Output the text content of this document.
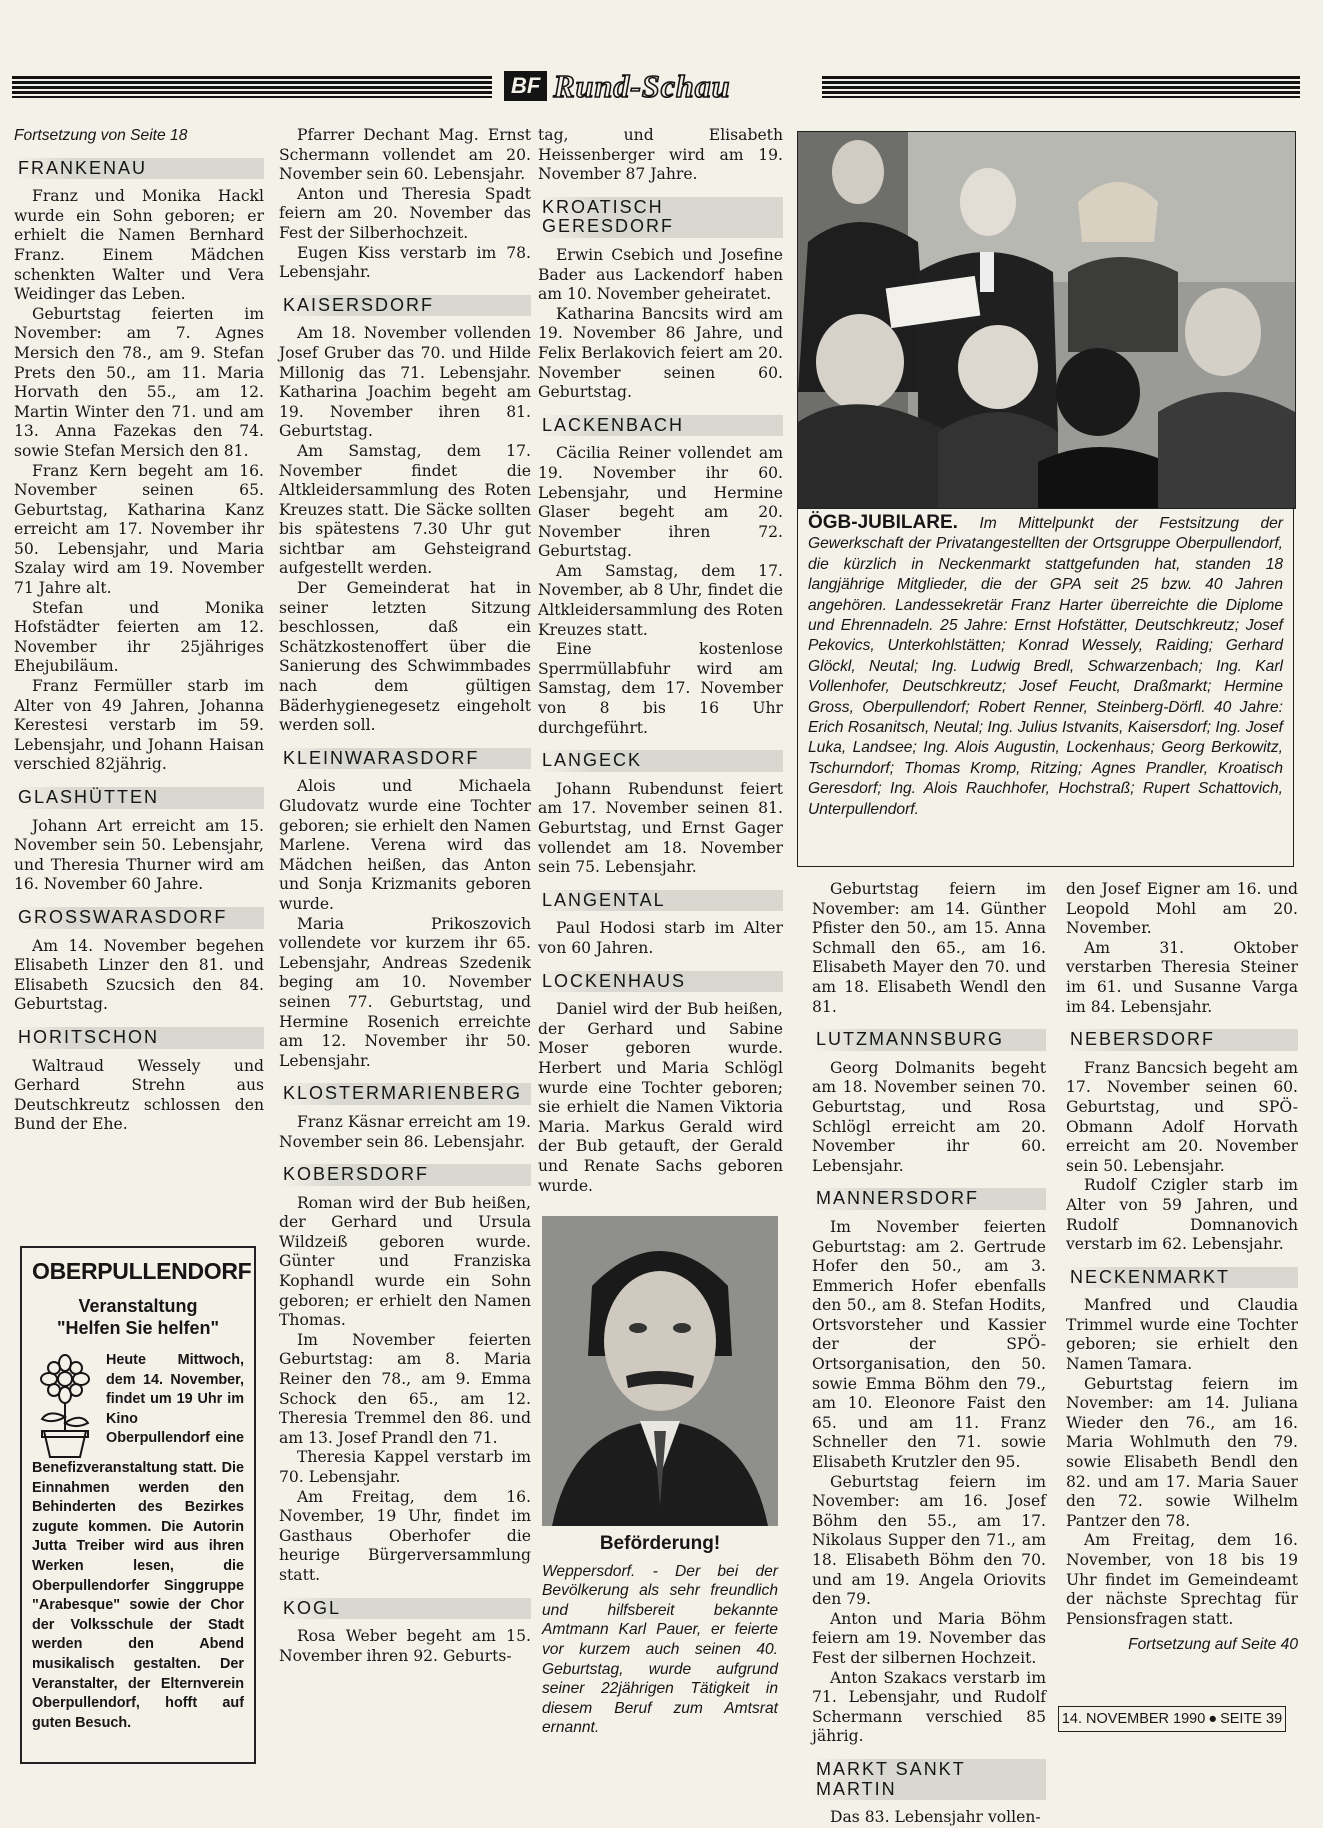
BF Rund-Schau
Fortsetzung von Seite 18
FRANKENAU

Franz und Monika Hackl wurde ein Sohn geboren; er erhielt die Namen Bernhard Franz. Einem Mädchen schenkten Walter und Vera Weidinger das Leben.

Geburtstag feierten im November: am 7. Agnes Mersich den 78., am 9. Stefan Prets den 50., am 11. Maria Horvath den 55., am 12. Martin Winter den 71. und am 13. Anna Fazekas den 74. sowie Stefan Mersich den 81.

Franz Kern begeht am 16. November seinen 65. Geburtstag, Katharina Kanz erreicht am 17. November ihr 50. Lebensjahr, und Maria Szalay wird am 19. November 71 Jahre alt.

Stefan und Monika Hofstädter feierten am 12. November ihr 25jähriges Ehejubiläum.

Franz Fermüller starb im Alter von 49 Jahren, Johanna Kerestesi verstarb im 59. Lebensjahr, und Johann Haisan verschied 82jährig.

GLASHÜTTEN

Johann Art erreicht am 15. November sein 50. Lebensjahr, und Theresia Thurner wird am 16. November 60 Jahre.

GROSSWARASDORF

Am 14. November begehen Elisabeth Linzer den 81. und Elisabeth Szucsich den 84. Geburtstag.

HORITSCHON

Waltraud Wessely und Gerhard Strehn aus Deutschkreutz schlossen den Bund der Ehe.

OBERPULLENDORF
Veranstaltung
"Helfen Sie helfen"
Heute Mittwoch, dem 14. November, findet um 19 Uhr im Kino Oberpullendorf eine Benefizveranstaltung statt. Die Einnahmen werden den Behinderten des Bezirkes zugute kommen. Die Autorin Jutta Treiber wird aus ihren Werken lesen, die Oberpullendorfer Singgruppe "Arabesque" sowie der Chor der Volksschule der Stadt werden den Abend musikalisch gestalten. Der Veranstalter, der Elternverein Oberpullendorf, hofft auf guten Besuch.

Pfarrer Dechant Mag. Ernst Schermann vollendet am 20. November sein 60. Lebensjahr.

Anton und Theresia Spadt feiern am 20. November das Fest der Silberhochzeit.

Eugen Kiss verstarb im 78. Lebensjahr.

KAISERSDORF

Am 18. November vollenden Josef Gruber das 70. und Hilde Millonig das 71. Lebensjahr. Katharina Joachim begeht am 19. November ihren 81. Geburtstag.

Am Samstag, dem 17. November findet die Altkleidersammlung des Roten Kreuzes statt. Die Säcke sollten bis spätestens 7.30 Uhr gut sichtbar am Gehsteigrand aufgestellt werden.

Der Gemeinderat hat in seiner letzten Sitzung beschlossen, daß ein Schätzkostenoffert über die Sanierung des Schwimmbades nach dem gültigen Bäderhygienegesetz eingeholt werden soll.

KLEINWARASDORF

Alois und Michaela Gludovatz wurde eine Tochter geboren; sie erhielt den Namen Marlene. Verena wird das Mädchen heißen, das Anton und Sonja Krizmanits geboren wurde.

Maria Prikoszovich vollendete vor kurzem ihr 65. Lebensjahr, Andreas Szedenik beging am 10. November seinen 77. Geburtstag, und Hermine Rosenich erreichte am 12. November ihr 50. Lebensjahr.

KLOSTERMARIENBERG

Franz Käsnar erreicht am 19. November sein 86. Lebensjahr.

KOBERSDORF

Roman wird der Bub heißen, der Gerhard und Ursula Wildzeiß geboren wurde. Günter und Franziska Kophandl wurde ein Sohn geboren; er erhielt den Namen Thomas.

Im November feierten Geburtstag: am 8. Maria Reiner den 78., am 9. Emma Schock den 65., am 12. Theresia Tremmel den 86. und am 13. Josef Prandl den 71.

Theresia Kappel verstarb im 70. Lebensjahr.

Am Freitag, dem 16. November, 19 Uhr, findet im Gasthaus Oberhofer die heurige Bürgerversammlung statt.

KOGL

Rosa Weber begeht am 15. November ihren 92. Geburts-

tag, und Elisabeth Heissenberger wird am 19. November 87 Jahre.

KROATISCH GERESDORF

Erwin Csebich und Josefine Bader aus Lackendorf haben am 10. November geheiratet.

Katharina Bancsits wird am 19. November 86 Jahre, und Felix Berlakovich feiert am 20. November seinen 60. Geburtstag.

LACKENBACH

Cäcilia Reiner vollendet am 19. November ihr 60. Lebensjahr, und Hermine Glaser begeht am 20. November ihren 72. Geburtstag.

Am Samstag, dem 17. November, ab 8 Uhr, findet die Altkleidersammlung des Roten Kreuzes statt.

Eine kostenlose Sperrmüllabfuhr wird am Samstag, dem 17. November von 8 bis 16 Uhr durchgeführt.

LANGECK

Johann Rubendunst feiert am 17. November seinen 81. Geburtstag, und Ernst Gager vollendet am 18. November sein 75. Lebensjahr.

LANGENTAL

Paul Hodosi starb im Alter von 60 Jahren.

LOCKENHAUS

Daniel wird der Bub heißen, der Gerhard und Sabine Moser geboren wurde. Herbert und Maria Schlögl wurde eine Tochter geboren; sie erhielt die Namen Viktoria Maria. Markus Gerald wird der Bub getauft, der Gerald und Renate Sachs geboren wurde.

ÖGB-JUBILARE. Im Mittelpunkt der Festsitzung der Gewerkschaft der Privatangestellten der Ortsgruppe Oberpullendorf, die kürzlich in Neckenmarkt stattgefunden hat, standen 18 langjährige Mitglieder, die der GPA seit 25 bzw. 40 Jahren angehören. Landessekretär Franz Harter überreichte die Diplome und Ehrennadeln. 25 Jahre: Ernst Hofstätter, Deutschkreutz; Josef Pekovics, Unterkohlstätten; Konrad Wessely, Raiding; Gerhard Glöckl, Neutal; Ing. Ludwig Bredl, Schwarzenbach; Ing. Karl Vollenhofer, Deutschkreutz; Josef Feucht, Draßmarkt; Hermine Gross, Oberpullendorf; Robert Renner, Steinberg-Dörfl. 40 Jahre: Erich Rosanitsch, Neutal; Ing. Julius Istvanits, Kaisersdorf; Ing. Josef Luka, Landsee; Ing. Alois Augustin, Lockenhaus; Georg Berkowitz, Tschurndorf; Thomas Kromp, Ritzing; Agnes Prandler, Kroatisch Geresdorf; Ing. Alois Rauchhofer, Hochstraß; Rupert Schattovich, Unterpullendorf.
Beförderung!
Weppersdorf. - Der bei der Bevölkerung als sehr freundlich und hilfsbereit bekannte Amtmann Karl Pauer, er feierte vor kurzem auch seinen 40. Geburtstag, wurde aufgrund seiner 22jährigen Tätigkeit in diesem Beruf zum Amtsrat ernannt.

Geburtstag feiern im November: am 14. Günther Pfister den 50., am 15. Anna Schmall den 65., am 16. Elisabeth Mayer den 70. und am 18. Elisabeth Wendl den 81.

LUTZMANNSBURG

Georg Dolmanits begeht am 18. November seinen 70. Geburtstag, und Rosa Schlögl erreicht am 20. November ihr 60. Lebensjahr.

MANNERSDORF

Im November feierten Geburtstag: am 2. Gertrude Hofer den 50., am 3. Emmerich Hofer ebenfalls den 50., am 8. Stefan Hodits, Ortsvorsteher und Kassier der der SPÖ-Ortsorganisation, den 50. sowie Emma Böhm den 79., am 10. Eleonore Faist den 65. und am 11. Franz Schneller den 71. sowie Elisabeth Krutzler den 95.

Geburtstag feiern im November: am 16. Josef Böhm den 55., am 17. Nikolaus Supper den 71., am 18. Elisabeth Böhm den 70. und am 19. Angela Oriovits den 79.

Anton und Maria Böhm feiern am 19. November das Fest der silbernen Hochzeit.

Anton Szakacs verstarb im 71. Lebensjahr, und Rudolf Schermann verschied 85 jährig.

MARKT SANKT MARTIN

Das 83. Lebensjahr vollen-

den Josef Eigner am 16. und Leopold Mohl am 20. November.

Am 31. Oktober verstarben Theresia Steiner im 61. und Susanne Varga im 84. Lebensjahr.

NEBERSDORF

Franz Bancsich begeht am 17. November seinen 60. Geburtstag, und SPÖ-Obmann Adolf Horvath erreicht am 20. November sein 50. Lebensjahr.

Rudolf Czigler starb im Alter von 59 Jahren, und Rudolf Domnanovich verstarb im 62. Lebensjahr.

NECKENMARKT

Manfred und Claudia Trimmel wurde eine Tochter geboren; sie erhielt den Namen Tamara.

Geburtstag feiern im November: am 14. Juliana Wieder den 76., am 16. Maria Wohlmuth den 79. sowie Elisabeth Bendl den 82. und am 17. Maria Sauer den 72. sowie Wilhelm Pantzer den 78.

Am Freitag, dem 16. November, von 18 bis 19 Uhr findet im Gemeindeamt der nächste Sprechtag für Pensionsfragen statt.

Fortsetzung auf Seite 40
14. NOVEMBER 1990 ● SEITE 39
